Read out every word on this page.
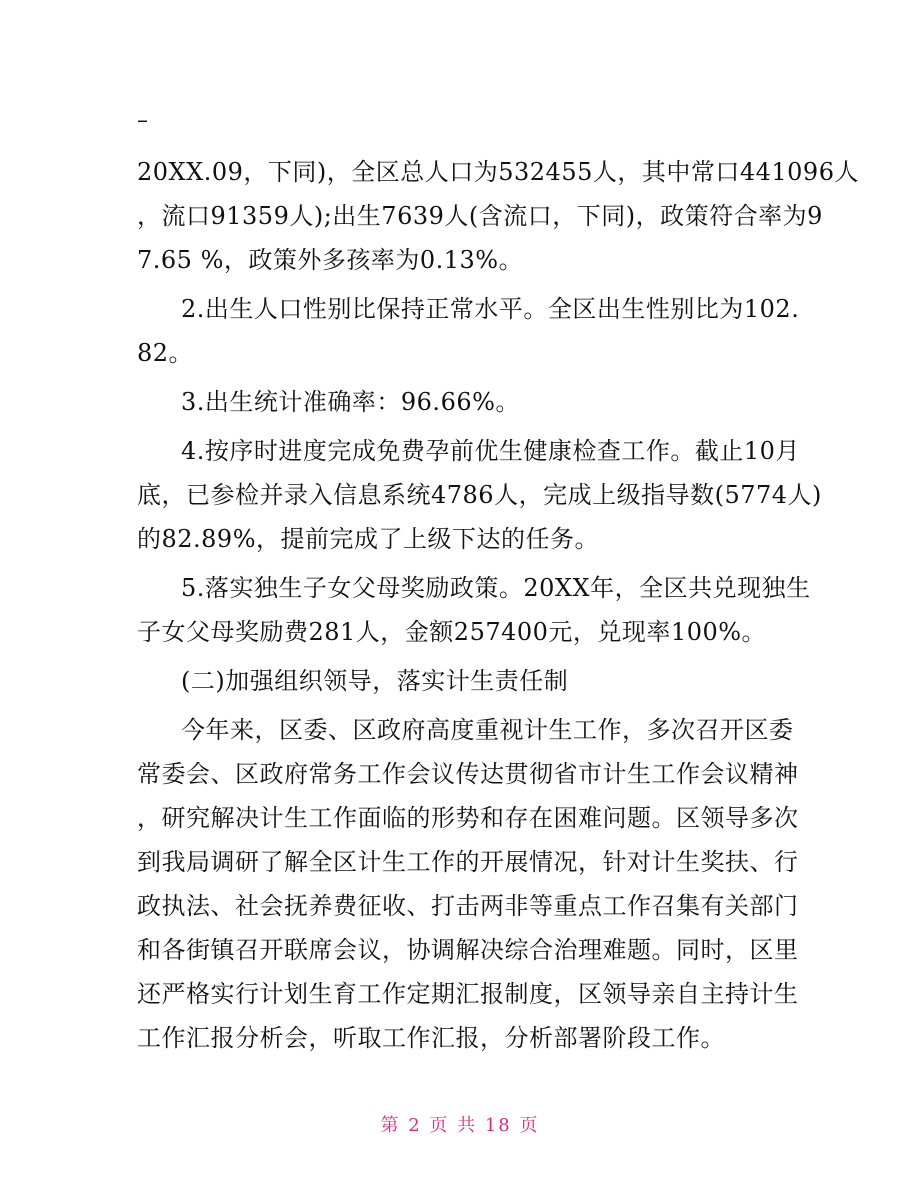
–
20XX.09，下同)，全区总人口为532455人，其中常口441096人
，流口91359人);出生7639人(含流口，下同)，政策符合率为9
7.65 %，政策外多孩率为0.13%。
2.出生人口性别比保持正常水平。全区出生性别比为102.
82。
3.出生统计准确率：96.66%。
4.按序时进度完成免费孕前优生健康检查工作。截止10月
底，已参检并录入信息系统4786人，完成上级指导数(5774人)
的82.89%，提前完成了上级下达的任务。
5.落实独生子女父母奖励政策。20XX年，全区共兑现独生
子女父母奖励费281人，金额257400元，兑现率100%。
(二)加强组织领导，落实计生责任制
今年来，区委、区政府高度重视计生工作，多次召开区委
常委会、区政府常务工作会议传达贯彻省市计生工作会议精神
，研究解决计生工作面临的形势和存在困难问题。区领导多次
到我局调研了解全区计生工作的开展情况，针对计生奖扶、行
政执法、社会抚养费征收、打击两非等重点工作召集有关部门
和各街镇召开联席会议，协调解决综合治理难题。同时，区里
还严格实行计划生育工作定期汇报制度，区领导亲自主持计生
工作汇报分析会，听取工作汇报，分析部署阶段工作。
第 2 页 共 18 页
